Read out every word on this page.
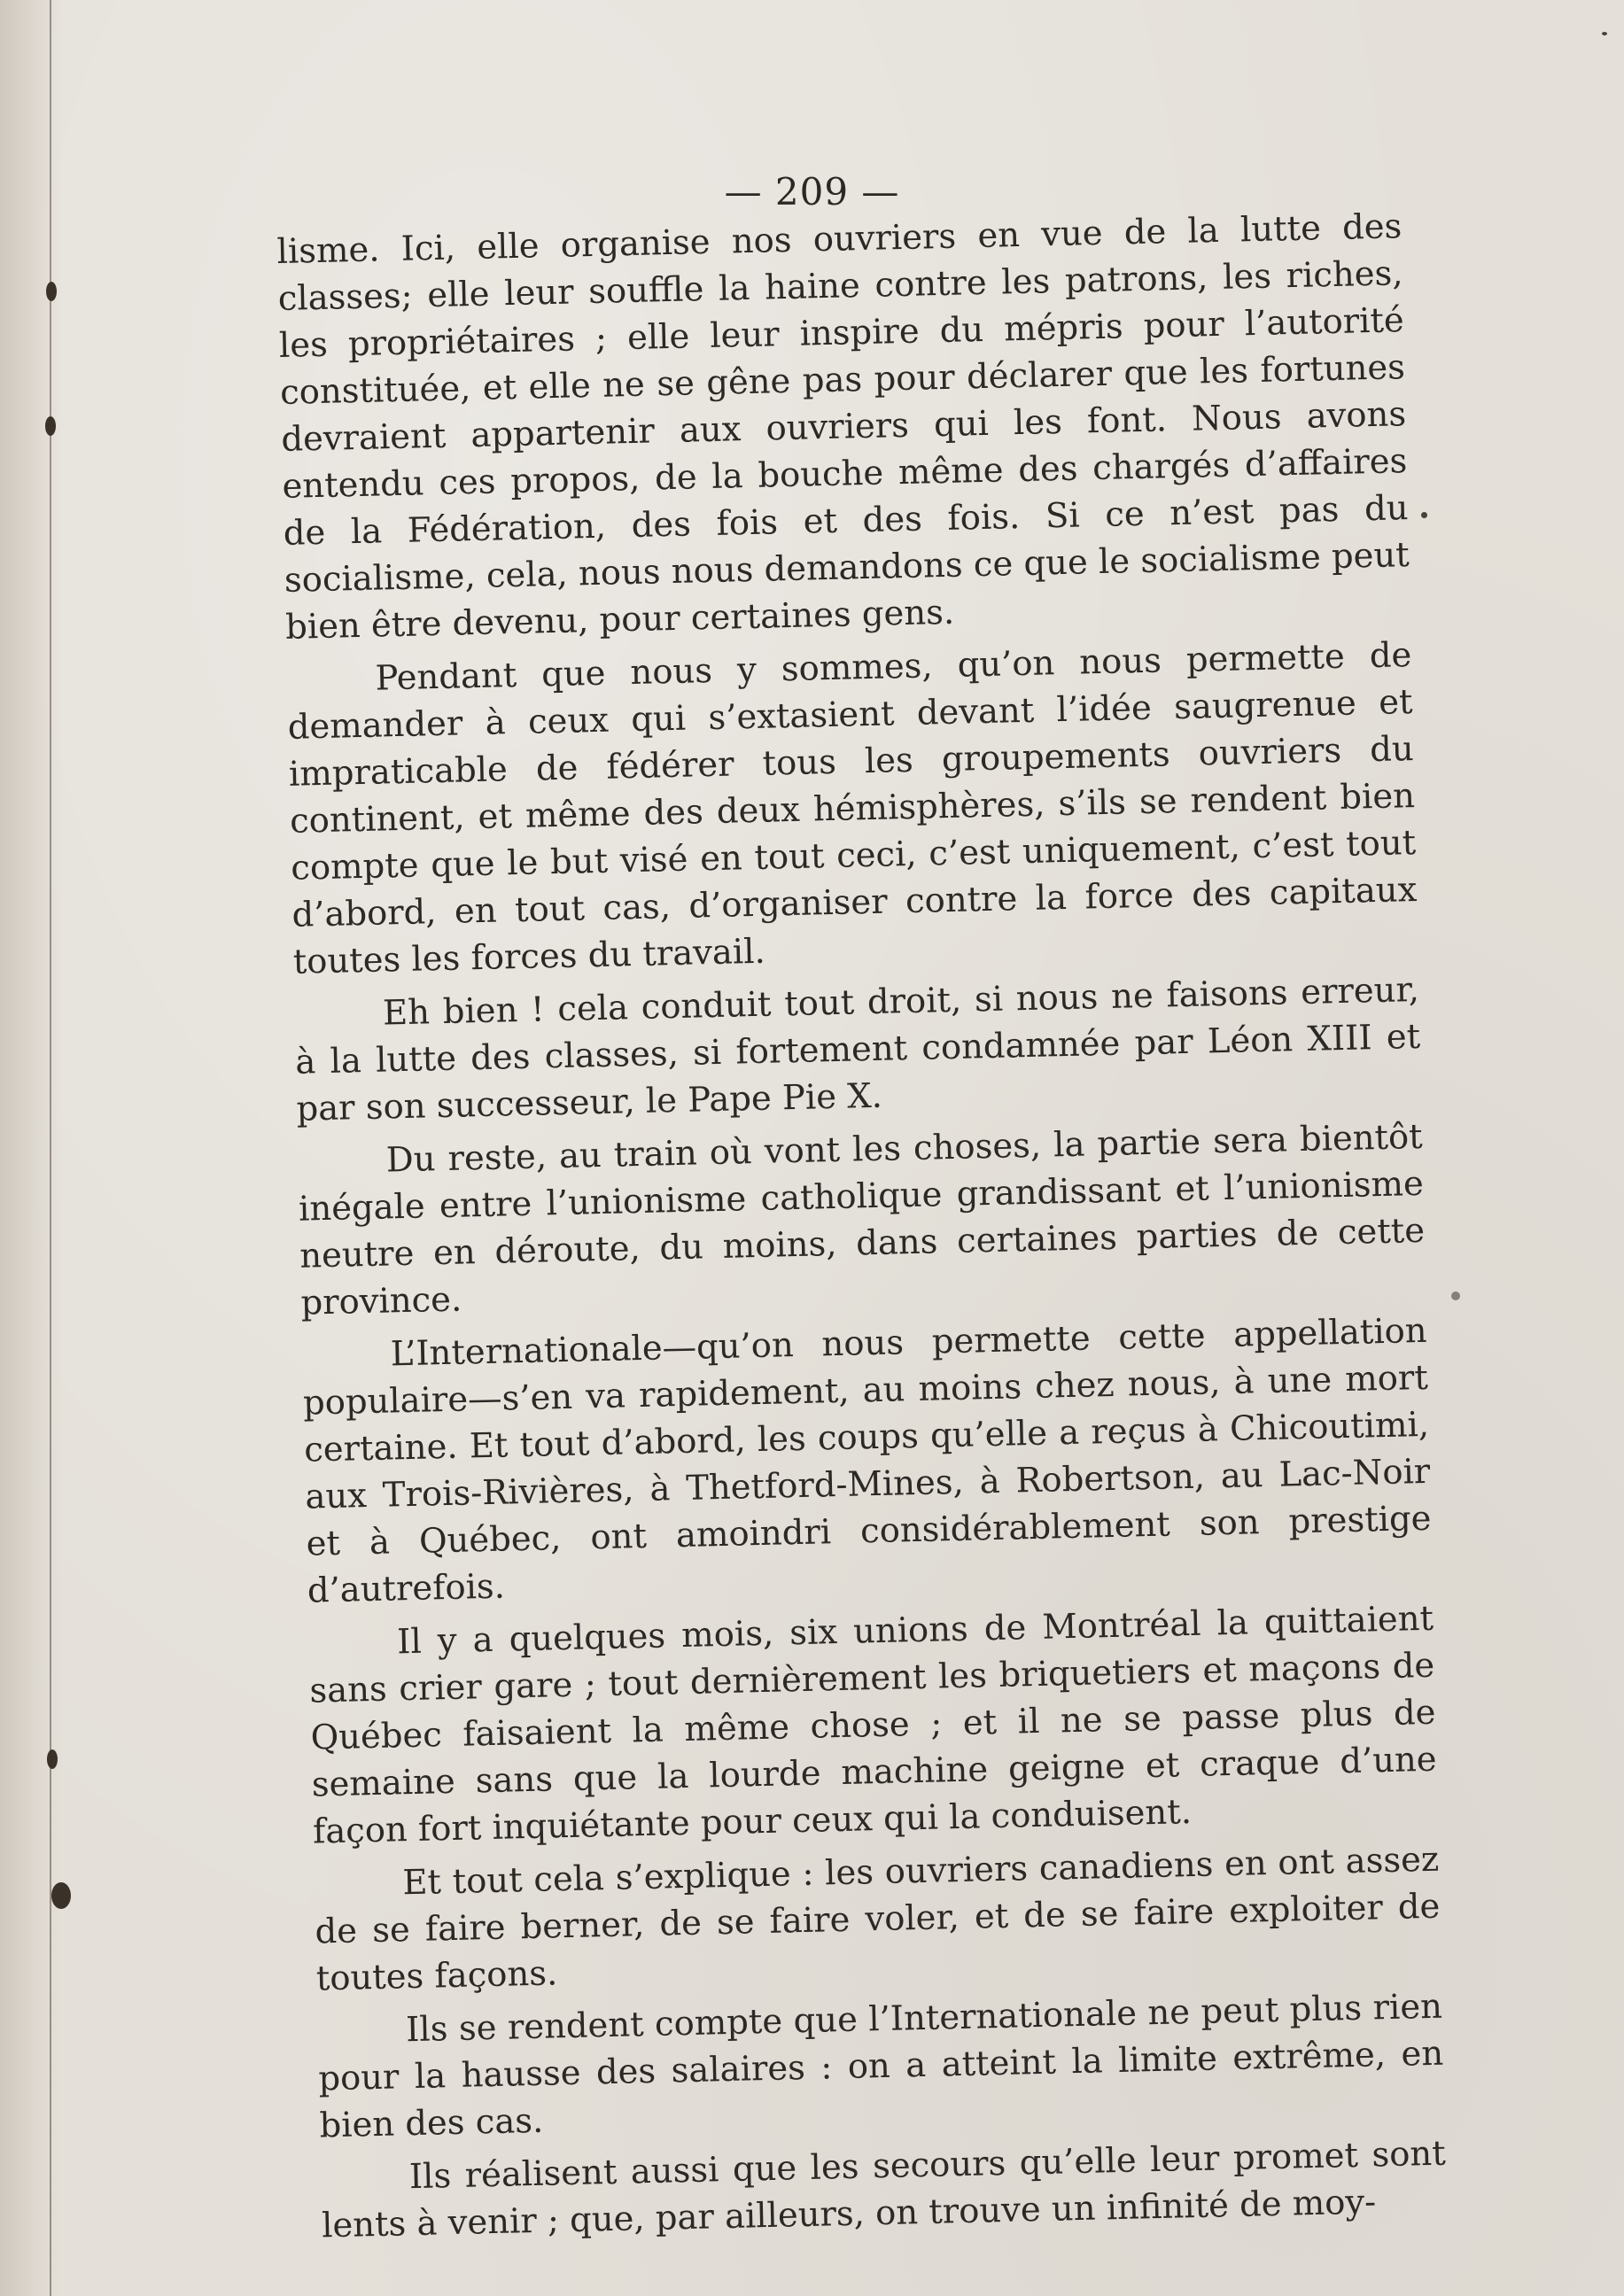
— 209 —

lisme. Ici, elle organise nos ouvriers en vue de la lutte des classes; elle leur souffle la haine contre les patrons, les riches, les propriétaires ; elle leur inspire du mépris pour l’autorité constituée, et elle ne se gêne pas pour déclarer que les fortunes devraient appartenir aux ouvriers qui les font. Nous avons entendu ces propos, de la bouche même des chargés d’affaires de la Fédération, des fois et des fois. Si ce n’est pas du socialisme, cela, nous nous demandons ce que le socialisme peut bien être devenu, pour certaines gens.

Pendant que nous y sommes, qu’on nous permette de demander à ceux qui s’extasient devant l’idée saugrenue et impraticable de fédérer tous les groupements ouvriers du continent, et même des deux hémisphères, s’ils se rendent bien compte que le but visé en tout ceci, c’est uniquement, c’est tout d’abord, en tout cas, d’organiser contre la force des capitaux toutes les forces du travail.

Eh bien ! cela conduit tout droit, si nous ne faisons erreur, à la lutte des classes, si fortement condamnée par Léon XIII et par son successeur, le Pape Pie X.

Du reste, au train où vont les choses, la partie sera bientôt inégale entre l’unionisme catholique grandissant et l’unionisme neutre en déroute, du moins, dans certaines parties de cette province.

L’Internationale—qu’on nous permette cette appellation populaire—s’en va rapidement, au moins chez nous, à une mort certaine. Et tout d’abord, les coups qu’elle a reçus à Chicoutimi, aux Trois-Rivières, à Thetford-Mines, à Robertson, au Lac-Noir et à Québec, ont amoindri considérablement son prestige d’autrefois.

Il y a quelques mois, six unions de Montréal la quittaient sans crier gare ; tout dernièrement les briquetiers et maçons de Québec faisaient la même chose ; et il ne se passe plus de semaine sans que la lourde machine geigne et craque d’une façon fort inquiétante pour ceux qui la conduisent.

Et tout cela s’explique : les ouvriers canadiens en ont assez de se faire berner, de se faire voler, et de se faire exploiter de toutes façons.

Ils se rendent compte que l’Internationale ne peut plus rien pour la hausse des salaires : on a atteint la limite extrême, en bien des cas.

Ils réalisent aussi que les secours qu’elle leur promet sont lents à venir ; que, par ailleurs, on trouve un infinité de moy-
